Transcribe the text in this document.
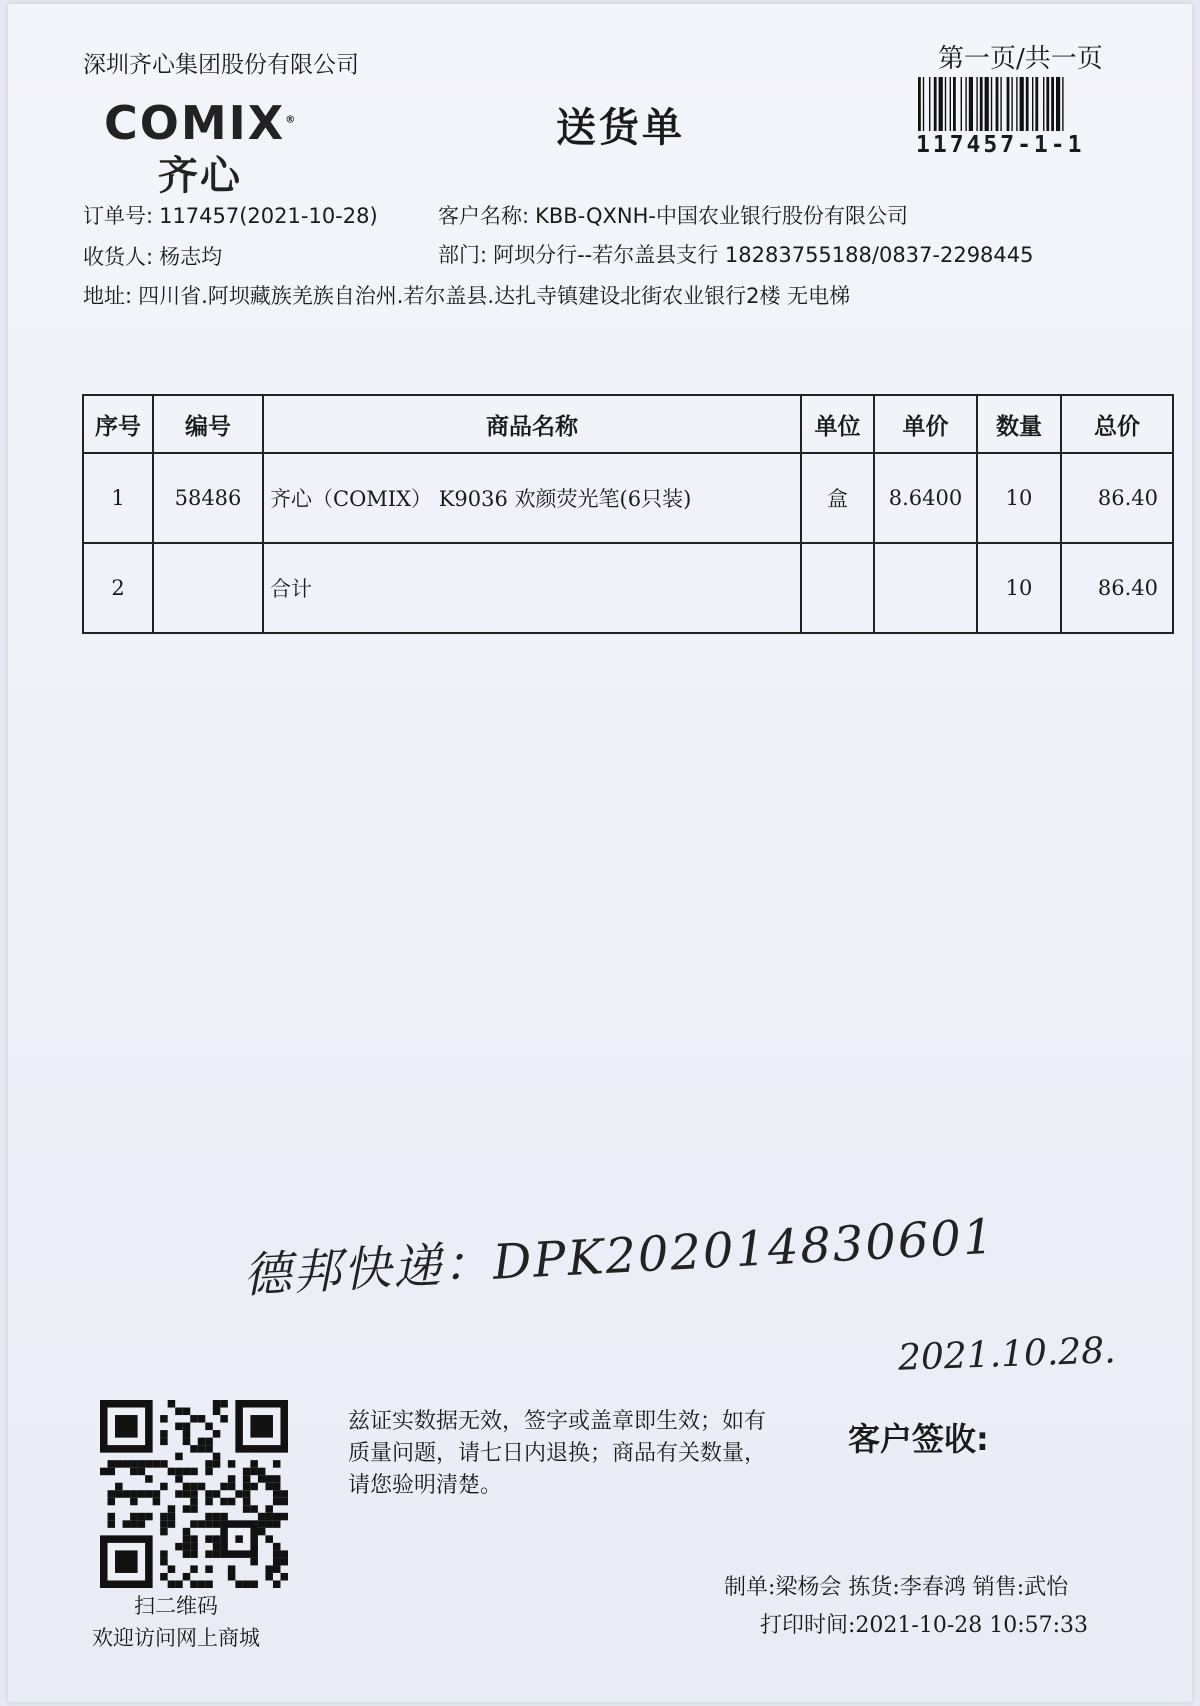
深圳齐心集团股份有限公司
COMIX®
齐心
送货单
第一页/共一页
117457-1-1
订单号: 117457(2021-10-28)	客户名称: KBB-QXNH-中国农业银行股份有限公司
收货人: 杨志均	部门: 阿坝分行--若尔盖县支行 18283755188/0837-2298445
地址: 四川省.阿坝藏族羌族自治州.若尔盖县.达扎寺镇建设北街农业银行2楼 无电梯
序号	编号	商品名称	单位	单价	数量	总价
1	58486	齐心（COMIX） K9036 欢颜荧光笔(6只装)	盒	8.6400	10	86.40
2		合计			10	86.40
德邦快递：DPK202014830601
2021.10.28.
扫二维码
欢迎访问网上商城
兹证实数据无效，签字或盖章即生效；如有质量问题，请七日内退换；商品有关数量，请您验明清楚。
客户签收:
制单:梁杨会 拣货:李春鸿 销售:武怡
打印时间:2021-10-28 10:57:33
